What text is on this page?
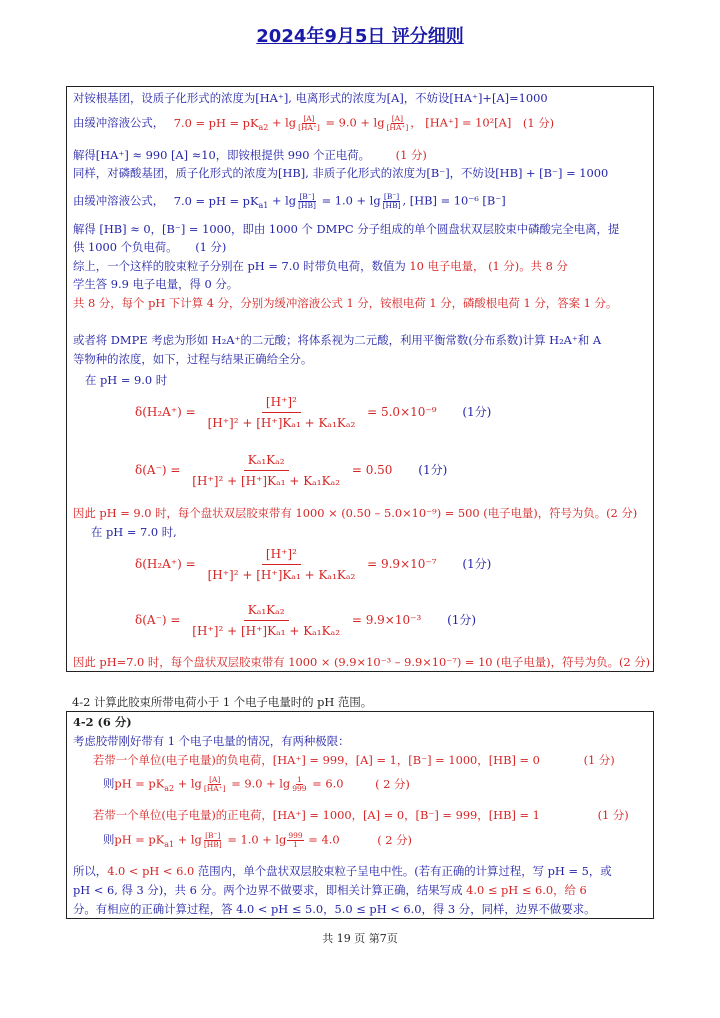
2024年9月5日 评分细则
对铵根基团，设质子化形式的浓度为[HA⁺], 电离形式的浓度为[A]，不妨设[HA⁺]+[A]=1000
由缓冲溶液公式， 7.0 = pH = $pK_{a2} + \lg \frac{[A]}{[HA^+]} = 9.0 + \lg \frac{[A]}{[HA^+]}$ ， [HA⁺] = 10²[A] (1 分)
解得[HA⁺] ≈ 990 [A] ≈10，即铵根提供 990 个正电荷。 (1 分)
同样，对磷酸基团，质子化形式的浓度为[HB], 非质子化形式的浓度为[B⁻]，不妨设[HB] + [B⁻] = 1000
由缓冲溶液公式， 7.0 = pH = $pK_{a1} + \lg \frac{[B^-]}{[HB]} = 1.0 + \lg \frac{[B^-]}{[HB]}$ , [HB] = 10⁻⁶ [B⁻]
解得 [HB] ≈ 0，[B⁻] = 1000，即由 1000 个 DMPC 分子组成的单个圆盘状双层胶束中磷酸完全电离，提
供 1000 个负电荷。 (1 分)
综上，一个这样的胶束粒子分别在 pH = 7.0 时带负电荷，数值为 10 电子电量， (1 分)。共 8 分
学生答 9.9 电子电量，得 0 分。
共 8 分，每个 pH 下计算 4 分，分别为缓冲溶液公式 1 分，铵根电荷 1 分，磷酸根电荷 1 分，答案 1 分。
或者将 DMPE 考虑为形如 H₂A⁺的二元酸；将体系视为二元酸，利用平衡常数(分布系数)计算 H₂A⁺和 A
等物种的浓度，如下，过程与结果正确给全分。
在 pH = 9.0 时
$\delta(H_2A^+) = \frac{\text{[H⁺]²}}{\text{[H⁺]² + [H⁺]Kₐ₁ + Kₐ₁Kₐ₂}} = 5.0\times 10^{-9}$ (1分)
$\delta(A^-) = \frac{\text{Kₐ₁Kₐ₂}}{\text{[H⁺]² + [H⁺]Kₐ₁ + Kₐ₁Kₐ₂}} = 0.50$ (1分)
因此 pH = 9.0 时，每个盘状双层胶束带有 1000 × (0.50 – 5.0×10⁻⁹) = 500 (电子电量)，符号为负。(2 分)
在 pH = 7.0 时,
$\delta(H_2A^+) = \frac{\text{[H⁺]²}}{\text{[H⁺]² + [H⁺]Kₐ₁ + Kₐ₁Kₐ₂}} = 9.9\times 10^{-7}$ (1分)
$\delta(A^-) = \frac{\text{Kₐ₁Kₐ₂}}{\text{[H⁺]² + [H⁺]Kₐ₁ + Kₐ₁Kₐ₂}} = 9.9\times 10^{-3}$ (1分)
因此 pH=7.0 时，每个盘状双层胶束带有 1000 × (9.9×10⁻³ – 9.9×10⁻⁷) = 10 (电子电量)，符号为负。(2 分)
4-2 计算此胶束所带电荷小于 1 个电子电量时的 pH 范围。
4-2 (6 分)
考虑胶带刚好带有 1 个电子电量的情况，有两种极限：
若带一个单位(电子电量)的负电荷，[HA⁺] = 999，[A] = 1，[B⁻] = 1000，[HB] = 0	(1 分)
则pH = $pK_{a2} + \lg \frac{[A]}{[HA^+]} = 9.0 + \lg \frac{1}{999} = 6.0$	( 2 分)
若带一个单位(电子电量)的正电荷，[HA⁺] = 1000，[A] = 0，[B⁻] = 999，[HB] = 1	(1 分)
则pH = $pK_{a1} + \lg \frac{[B^-]}{[HB]} = 1.0 + \lg \frac{999}{1} = 4.0$	( 2 分)
所以，4.0 < pH < 6.0 范围内，单个盘状双层胶束粒子呈电中性。(若有正确的计算过程，写 pH = 5，或
pH < 6, 得 3 分)，共 6 分。两个边界不做要求，即相关计算正确，结果写成 4.0 ≤ pH ≤ 6.0，给 6
分。有相应的正确计算过程，答 4.0 < pH ≤ 5.0，5.0 ≤ pH < 6.0，得 3 分，同样，边界不做要求。
共 19 页 第7页
